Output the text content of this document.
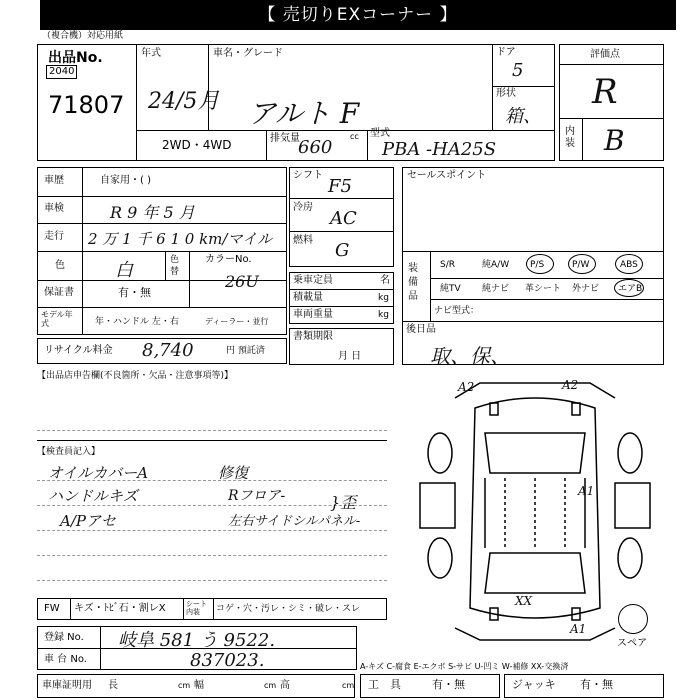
【 売切りEXコーナー 】
（複合機）対応用紙
出品No.
2040
71807
年式
24/5月
車名・グレード
アルト F
ドア
5
形状
箱、
2WD・4WD	排気量	cc
660
型式
PBA -HA25S
評価点
R
内装 B
車歴	自家用・( )
車検	R 9 年 5 月
走行 2 万 1 千 6 1 0 km/マイル
色	白	色替
カラーNo.
26U
保証書	有・無
モデル年式	年・ハンドル 左・右	ディーラー・並行
リサイクル料金 8,740	円 預託済
シフト
F5
冷房
AC
燃料 G
乗車定員	名
積載量	kg
車両重量	kg
書類期限
月 日
セールスポイント
装備品
S/R	純A/W P/S	P/W	ABS
純TV 純ナビ 革シート 外ナビ エアB
ナビ型式：
後日品
取、保、
【出品店申告欄(不良箇所・欠品・注意事項等)】
【検査員記入】
オイルカバーA
ハンドルキズ
A/Pアセ
修復
Rフロア-
左右サイドシルパネル-
}歪
A2	A2
A1
XX
A1
スペア
FW キズ・ﾄﾋﾞ石・割レX	シート内装	コゲ・穴・汚レ・シミ・破レ・スレ
登録 No. 岐阜 581 う 9522.
車 台 No.	837023.	A-キズ C-腐食 E-エクボ S-サビ U-凹ミ W-補修 XX-交換済
車庫証明用 長	cm 幅	cm 高	cm 工　具	有・無	ジャッキ 有・無
